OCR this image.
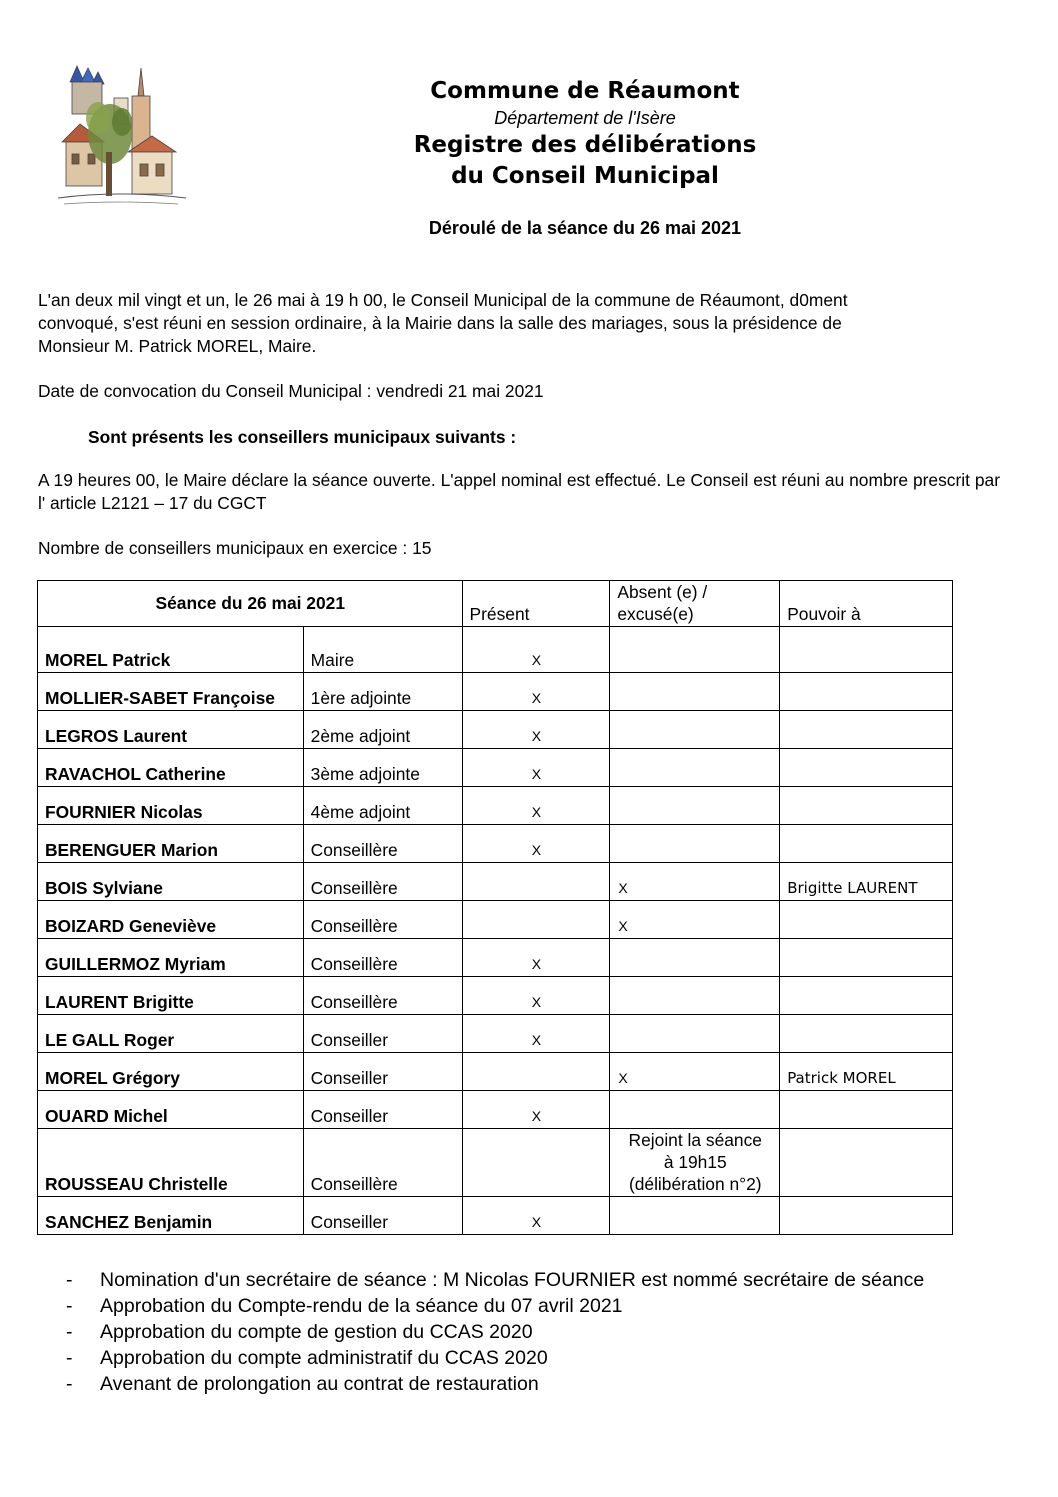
Commune de Réaumont
Département de l'Isère
Registre des délibérations
du Conseil Municipal
Déroulé de la séance du 26 mai 2021
L'an deux mil vingt et un, le 26 mai à 19 h 00, le Conseil Municipal de la commune de Réaumont, d0ment
convoqué, s'est réuni en session ordinaire, à la Mairie dans la salle des mariages, sous la présidence de
Monsieur M. Patrick MOREL, Maire.
Date de convocation du Conseil Municipal : vendredi 21 mai 2021
Sont présents les conseillers municipaux suivants :
A 19 heures 00, le Maire déclare la séance ouverte. L'appel nominal est effectué. Le Conseil est réuni au nombre prescrit par l' article L2121 – 17 du CGCT
Nombre de conseillers municipaux en exercice : 15
Séance du 26 mai 2021		Présent	Absent (e) /
excusé(e)	Pouvoir à
MOREL Patrick	Maire	X		
MOLLIER-SABET Françoise	1ère adjointe	X		
LEGROS Laurent	2ème adjoint	X		
RAVACHOL Catherine	3ème adjointe	X		
FOURNIER Nicolas	4ème adjoint	X		
BERENGUER Marion	Conseillère	X		
BOIS Sylviane	Conseillère		X	Brigitte LAURENT
BOIZARD Geneviève	Conseillère		X	
GUILLERMOZ Myriam	Conseillère	X		
LAURENT Brigitte	Conseillère	X		
LE GALL Roger	Conseiller	X		
MOREL Grégory	Conseiller		X	Patrick MOREL
OUARD Michel	Conseiller	X		
ROUSSEAU Christelle	Conseillère		Rejoint la séance
à 19h15
(délibération n°2)	

SANCHEZ Benjamin	Conseiller	X		
- Nomination d'un secrétaire de séance : M Nicolas FOURNIER est nommé secrétaire de séance
- Approbation du Compte-rendu de la séance du 07 avril 2021
- Approbation du compte de gestion du CCAS 2020
- Approbation du compte administratif du CCAS 2020
- Avenant de prolongation au contrat de restauration
